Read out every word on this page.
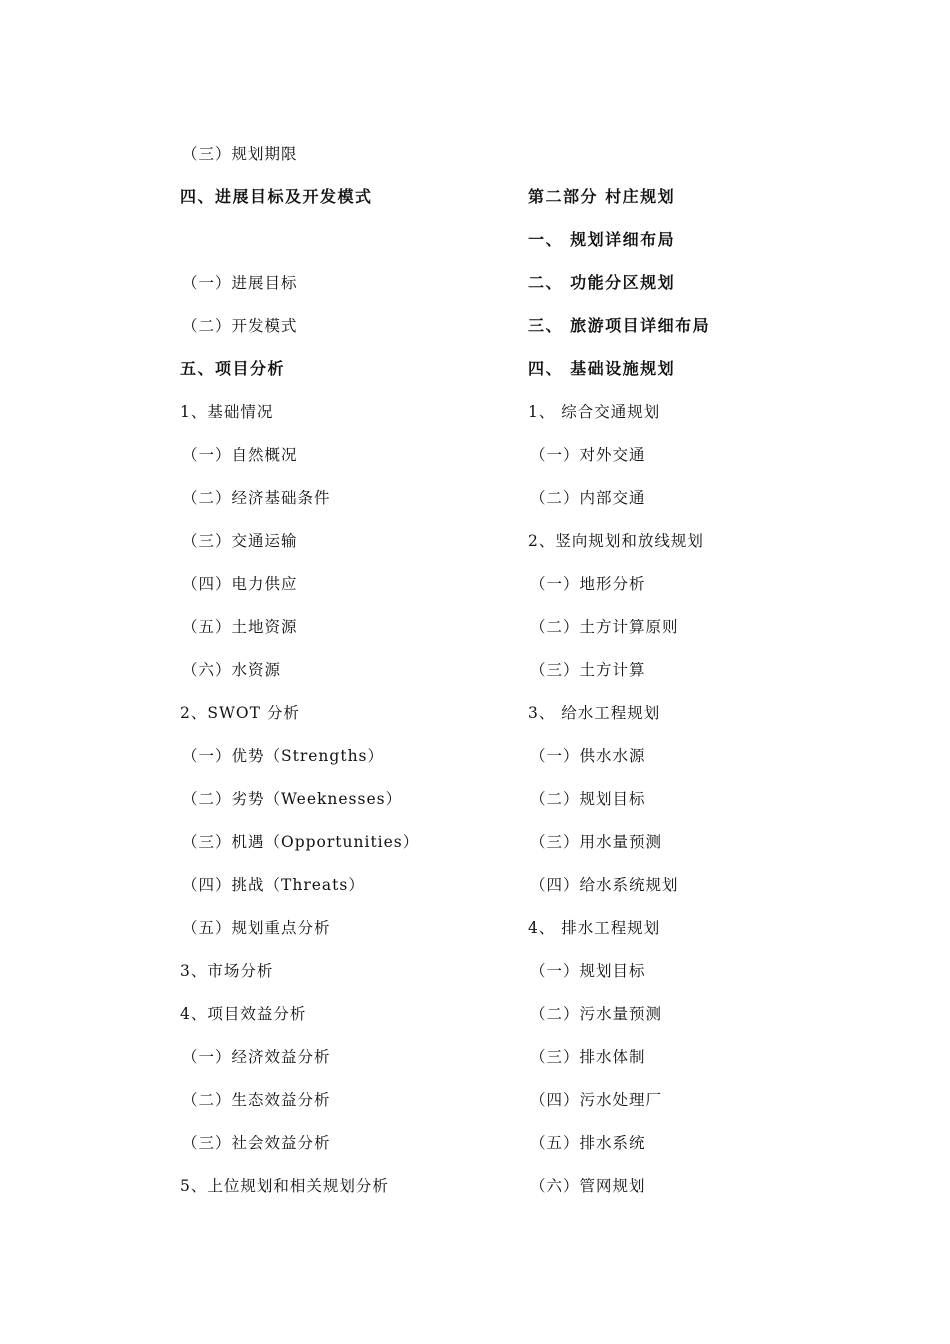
（三）规划期限
四、进展目标及开发模式
（一）进展目标
（二）开发模式
五、项目分析
1、基础情况
（一）自然概况
（二）经济基础条件
（三）交通运输
（四）电力供应
（五）土地资源
（六）水资源
2、SWOT 分析
（一）优势（Strengths）
（二）劣势（Weeknesses）
（三）机遇（Opportunities）
（四）挑战（Threats）
（五）规划重点分析
3、市场分析
4、项目效益分析
（一）经济效益分析
（二）生态效益分析
（三）社会效益分析
5、上位规划和相关规划分析
第二部分 村庄规划
一、 规划详细布局
二、 功能分区规划
三、 旅游项目详细布局
四、 基础设施规划
1、 综合交通规划
（一）对外交通
（二）内部交通
2、竖向规划和放线规划
（一）地形分析
（二）土方计算原则
（三）土方计算
3、 给水工程规划
（一）供水水源
（二）规划目标
（三）用水量预测
（四）给水系统规划
4、 排水工程规划
（一）规划目标
（二）污水量预测
（三）排水体制
（四）污水处理厂
（五）排水系统
（六）管网规划
